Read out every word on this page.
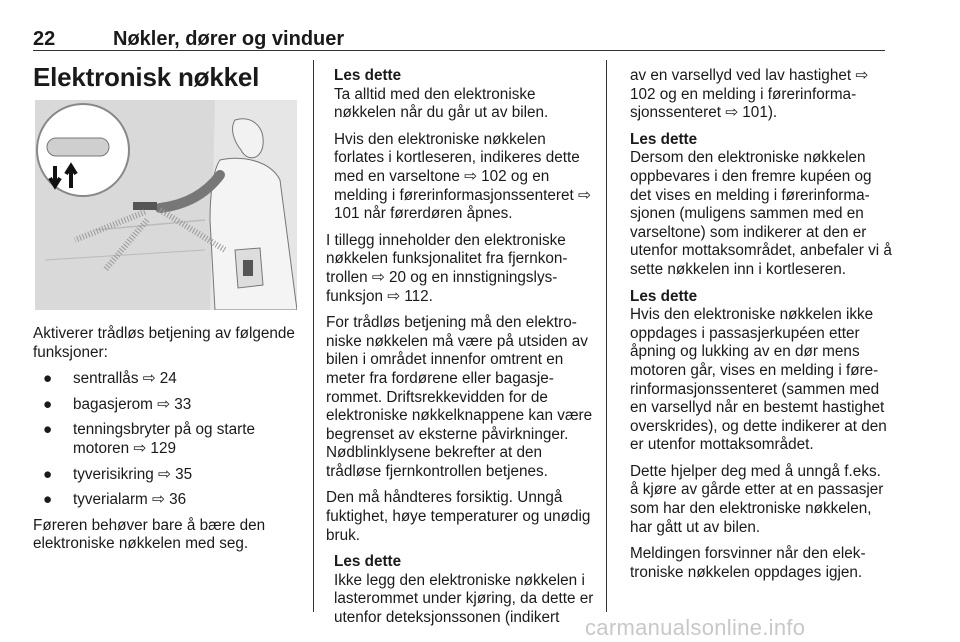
22	Nøkler, dører og vinduer
Elektronisk nøkkel

Aktiverer trådløs betjening av følgende funksjoner:

● sentrallås ⇨ 24
● bagasjerom ⇨ 33
● tenningsbryter på og starte motoren ⇨ 129
● tyverisikring ⇨ 35
● tyverialarm ⇨ 36

Føreren behøver bare å bære den elektroniske nøkkelen med seg.

Les dette

Ta alltid med den elektroniske nøkkelen når du går ut av bilen.

Hvis den elektroniske nøkkelen forlates i kortleseren, indikeres dette med en varseltone ⇨ 102 og en melding i førerinformasjonssenteret ⇨ 101 når førerdøren åpnes.

I tillegg inneholder den elektroniske nøkkelen funksjonalitet fra fjernkontrollen ⇨ 20 og en innstigningslysfunksjon ⇨ 112.

For trådløs betjening må den elektroniske nøkkelen må være på utsiden av bilen i området innenfor omtrent en meter fra fordørene eller bagasjerommet. Driftsrekkevidden for de elektroniske nøkkelknappene kan være begrenset av eksterne påvirkninger. Nødblinklysene bekrefter at den trådløse fjernkontrollen betjenes.

Den må håndteres forsiktig. Unngå fuktighet, høye temperaturer og unødig bruk.

Les dette

Ikke legg den elektroniske nøkkelen i lasterommet under kjøring, da dette er utenfor deteksjonssonen (indikert

av en varsellyd ved lav hastighet ⇨ 102 og en melding i førerinformasjonssenteret ⇨ 101).

Les dette

Dersom den elektroniske nøkkelen oppbevares i den fremre kupéen og det vises en melding i førerinformasjonen (muligens sammen med en varseltone) som indikerer at den er utenfor mottaksområdet, anbefaler vi å sette nøkkelen inn i kortleseren.

Les dette

Hvis den elektroniske nøkkelen ikke oppdages i passasjerkupéen etter åpning og lukking av en dør mens motoren går, vises en melding i førerinformasjonssenteret (sammen med en varsellyd når en bestemt hastighet overskrides), og dette indikerer at den er utenfor mottaksområdet.

Dette hjelper deg med å unngå f.eks. å kjøre av gårde etter at en passasjer som har den elektroniske nøkkelen, har gått ut av bilen.

Meldingen forsvinner når den elektroniske nøkkelen oppdages igjen.

carmanualsonline.info
